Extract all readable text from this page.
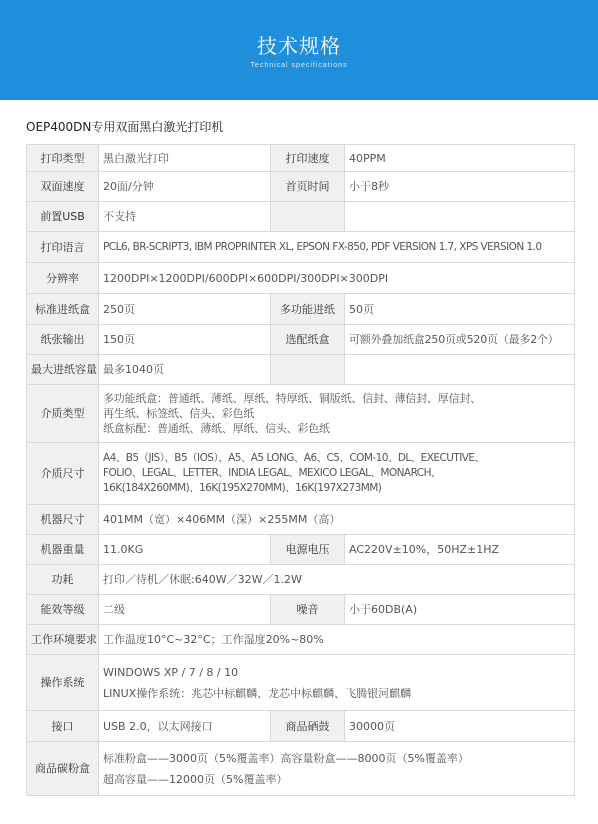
技术规格
Technical specifications
OEP400DN专用双面黑白激光打印机
打印类型	黑白激光打印	打印速度	40PPM
双面速度	20面/分钟	首页时间	小于8秒
前置USB	不支持		
打印语言	PCL6, BR-SCRIPT3, IBM PROPRINTER XL, EPSON FX-850, PDF VERSION 1.7, XPS VERSION 1.0		
分辨率	1200DPI×1200DPI/600DPI×600DPI/300DPI×300DPI		
标准进纸盒	250页	多功能进纸	50页
纸张输出	150页	选配纸盒	可额外叠加纸盒250页或520页（最多2个）
最大进纸容量	最多1040页		
介质类型	多功能纸盒：普通纸、薄纸、厚纸、特厚纸、铜版纸、信封、薄信封、厚信封、
再生纸、标签纸、信头、彩色纸
纸盒标配：普通纸、薄纸、厚纸、信头、彩色纸		

介质尺寸	A4、B5（JIS）、B5（IOS）、A5、A5 LONG、A6、C5、COM-10、DL、EXECUTIVE、
FOLIO、LEGAL、LETTER、INDIA LEGAL、MEXICO LEGAL、MONARCH、
16K(184X260MM)、16K(195X270MM)、16K(197X273MM)		

机器尺寸	401MM（宽）×406MM（深）×255MM（高）		
机器重量	11.0KG	电源电压	AC220V±10%，50HZ±1HZ
功耗	打印／待机／休眠:640W／32W／1.2W		
能效等级	二级	噪音	小于60DB(A)
工作环境要求	工作温度10°C~32°C；工作湿度20%~80%		
操作系统	WINDOWS XP / 7 / 8 / 10
LINUX操作系统：兆芯中标麒麟、龙芯中标麒麟、飞腾银河麒麟		

接口	USB 2.0，以太网接口	商品硒鼓	30000页
商品碳粉盒	标准粉盒——3000页（5%覆盖率）高容量粉盒——8000页（5%覆盖率）
超高容量——12000页（5%覆盖率）		
